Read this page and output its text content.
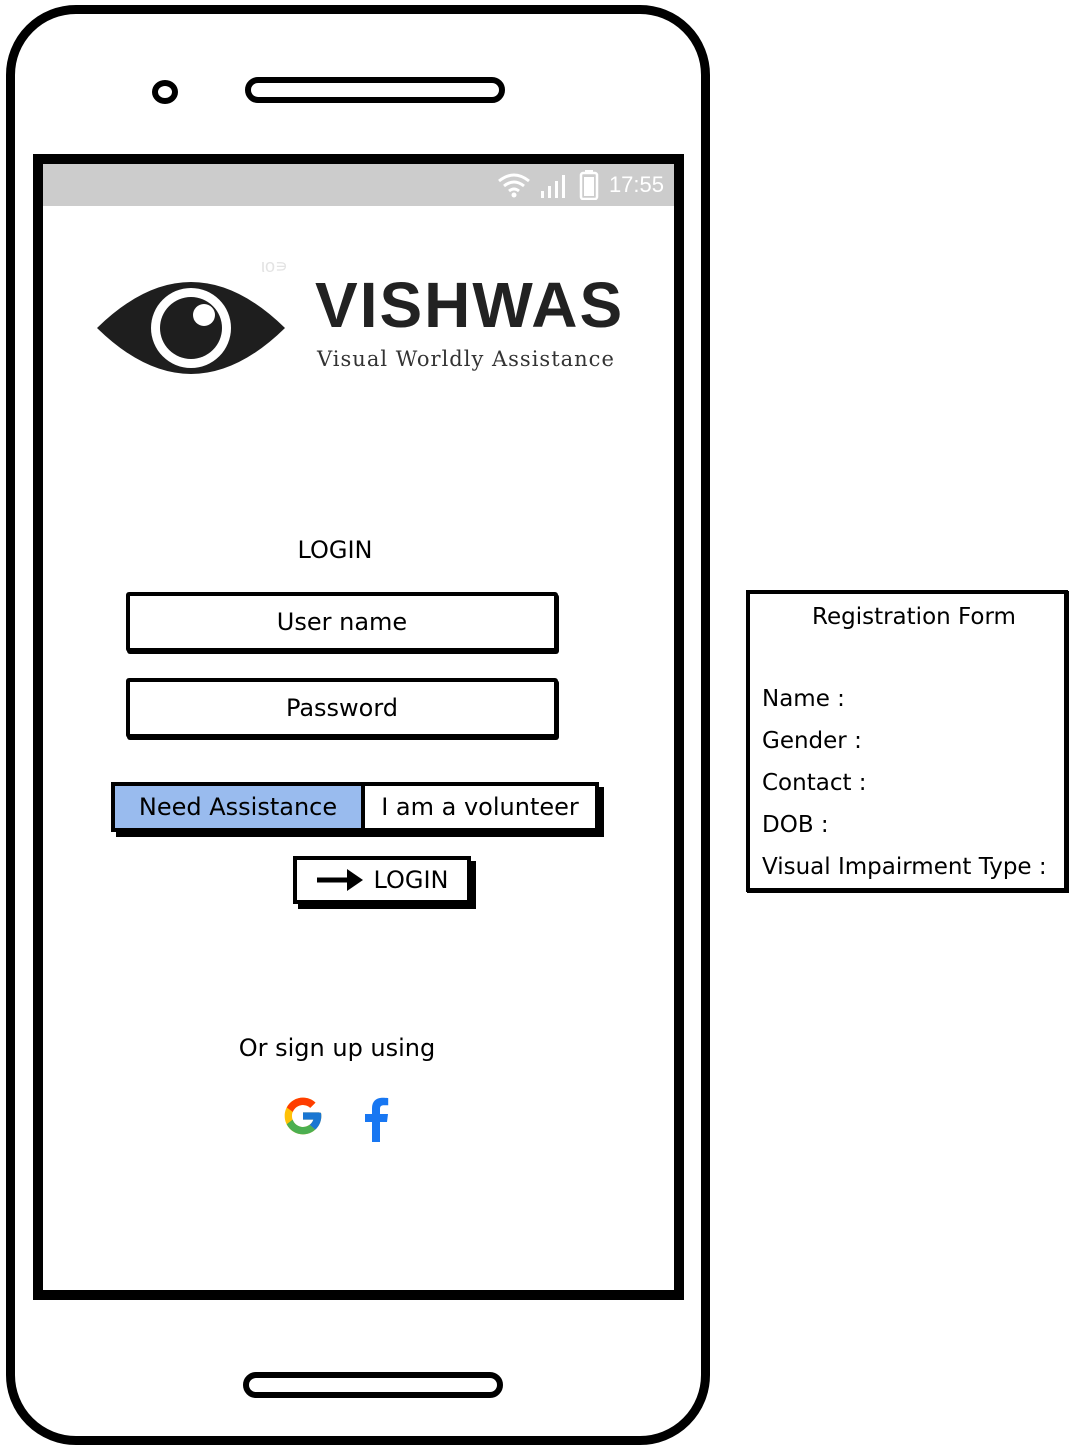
17:55
ιo∍
VISHWAS
Visual Worldly Assistance
LOGIN
User name
Password
Need Assistance	I am a volunteer
LOGIN
Or sign up using
Registration Form
Name :
Gender :
Contact :
DOB :
Visual Impairment Type :
